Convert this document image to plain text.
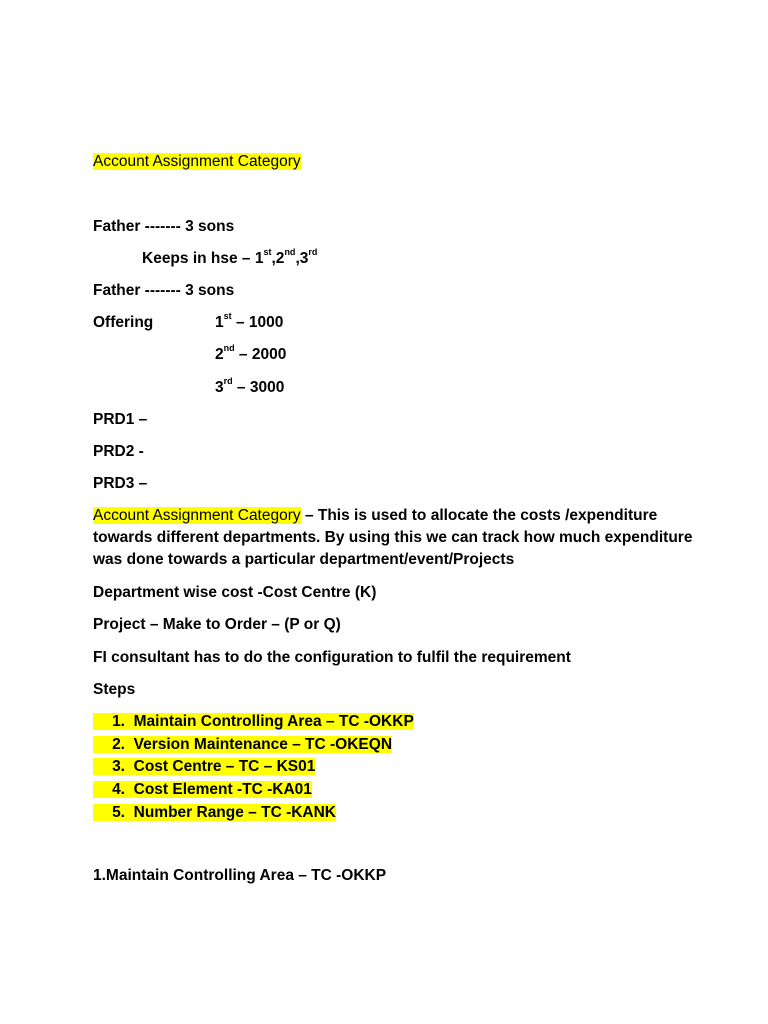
Account Assignment Category
Father ------- 3 sons
Keeps in hse – 1st,2nd,3rd
Father ------- 3 sons
Offering	1st – 1000
2nd – 2000
3rd – 3000
PRD1 –
PRD2 -
PRD3 –
Account Assignment Category – This is used to allocate the costs /expenditure towards different departments. By using this we can track how much expenditure was done towards a particular department/event/Projects
Department wise cost -Cost Centre (K)
Project – Make to Order – (P or Q)
FI consultant has to do the configuration to fulfil the requirement
Steps
1. Maintain Controlling Area – TC -OKKP
2. Version Maintenance – TC -OKEQN
3. Cost Centre – TC – KS01
4. Cost Element -TC -KA01
5. Number Range – TC -KANK
1.Maintain Controlling Area – TC -OKKP
